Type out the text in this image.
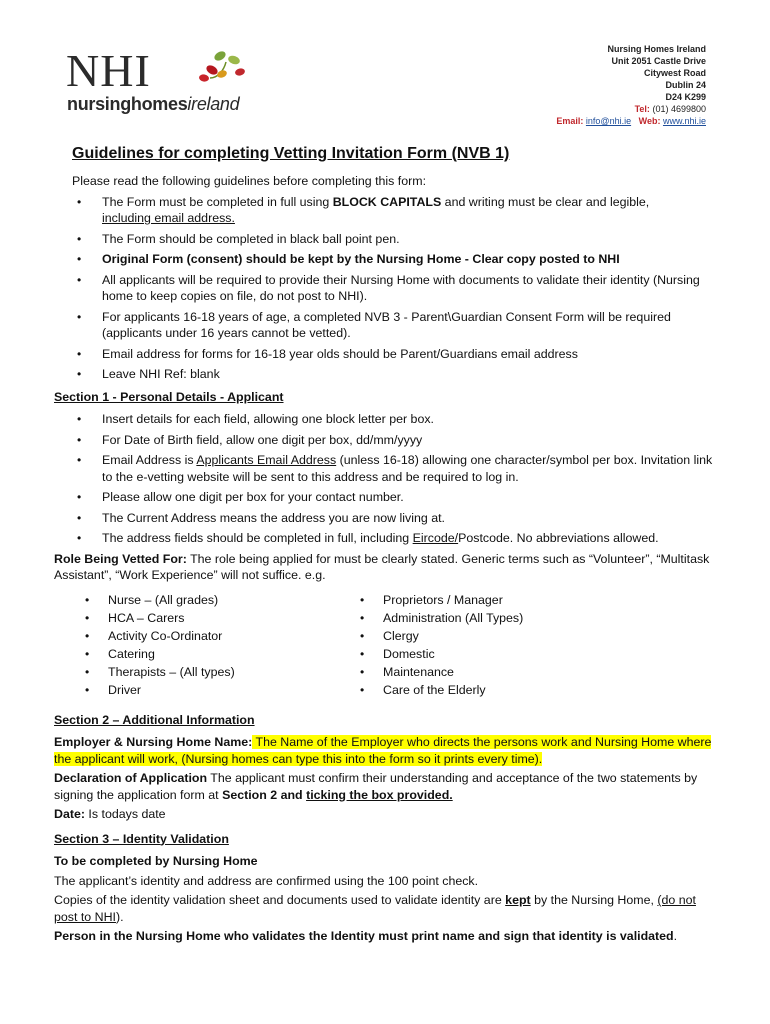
NHI
nursinghomesireland
Nursing Homes Ireland
Unit 2051 Castle Drive
Citywest Road
Dublin 24
D24 K299
Tel: (01) 4699800
Email: info@nhi.ie Web: www.nhi.ie
Guidelines for completing Vetting Invitation Form (NVB 1)
Please read the following guidelines before completing this form:
• The Form must be completed in full using BLOCK CAPITALS and writing must be clear and legible,
including email address.
• The Form should be completed in black ball point pen.
• Original Form (consent) should be kept by the Nursing Home - Clear copy posted to NHI
• All applicants will be required to provide their Nursing Home with documents to validate their identity (Nursing home to keep copies on file, do not post to NHI).
• For applicants 16-18 years of age, a completed NVB 3 - Parent\Guardian Consent Form will be required (applicants under 16 years cannot be vetted).
• Email address for forms for 16-18 year olds should be Parent/Guardians email address
• Leave NHI Ref: blank
Section 1 - Personal Details - Applicant
• Insert details for each field, allowing one block letter per box.
• For Date of Birth field, allow one digit per box, dd/mm/yyyy
• Email Address is Applicants Email Address (unless 16-18) allowing one character/symbol per box. Invitation link to the e-vetting website will be sent to this address and be required to log in.
• Please allow one digit per box for your contact number.
• The Current Address means the address you are now living at.
• The address fields should be completed in full, including Eircode/Postcode. No abbreviations allowed.

Role Being Vetted For: The role being applied for must be clearly stated. Generic terms such as “Volunteer”, “Multitask Assistant”, “Work Experience” will not suffice. e.g.

• Nurse – (All grades)
• HCA – Carers
• Activity Co-Ordinator
• Catering
• Therapists – (All types)
• Driver
• Proprietors / Manager
• Administration (All Types)
• Clergy
• Domestic
• Maintenance
• Care of the Elderly
Section 2 – Additional Information

Employer & Nursing Home Name: The Name of the Employer who directs the persons work and Nursing Home where the applicant will work, (Nursing homes can type this into the form so it prints every time).

Declaration of Application The applicant must confirm their understanding and acceptance of the two statements by signing the application form at Section 2 and ticking the box provided.

Date: Is todays date

Section 3 – Identity Validation

To be completed by Nursing Home

The applicant’s identity and address are confirmed using the 100 point check.

Copies of the identity validation sheet and documents used to validate identity are kept by the Nursing Home, (do not post to NHI).

Person in the Nursing Home who validates the Identity must print name and sign that identity is validated.
